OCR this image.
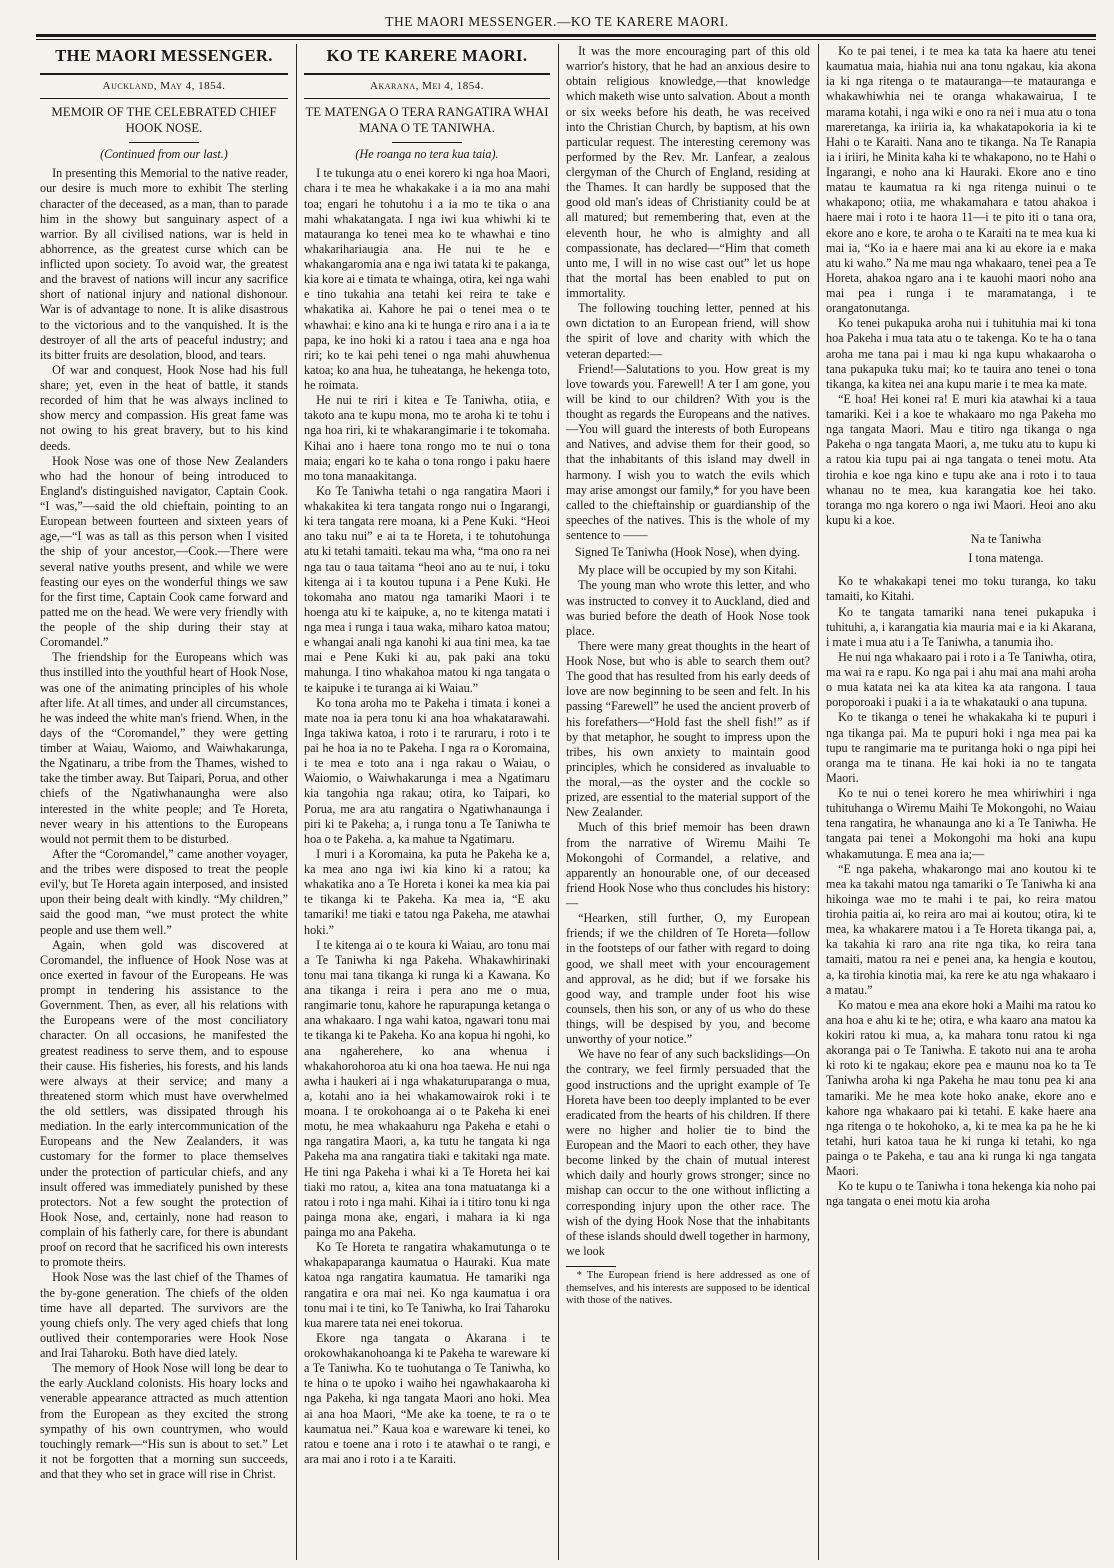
THE MAORI MESSENGER.—KO TE KARERE MAORI.
THE MAORI MESSENGER.
Auckland, May 4, 1854.
MEMOIR OF THE CELEBRATED CHIEF HOOK NOSE.
(Continued from our last.)

In presenting this Memorial to the native reader, our desire is much more to exhibit The sterling character of the deceased, as a man, than to parade him in the showy but sanguinary aspect of a warrior. By all civilised nations, war is held in abhorrence, as the greatest curse which can be inflicted upon society. To avoid war, the greatest and the bravest of nations will incur any sacrifice short of national injury and national dishonour. War is of advantage to none. It is alike disastrous to the victorious and to the vanquished. It is the destroyer of all the arts of peaceful industry; and its bitter fruits are desolation, blood, and tears.

Of war and conquest, Hook Nose had his full share; yet, even in the heat of battle, it stands recorded of him that he was always inclined to show mercy and compassion. His great fame was not owing to his great bravery, but to his kind deeds.

Hook Nose was one of those New Zealanders who had the honour of being introduced to England's distinguished navigator, Captain Cook. “I was,”—said the old chieftain, pointing to an European between fourteen and sixteen years of age,—“I was as tall as this person when I visited the ship of your ancestor,—Cook.—There were several native youths present, and while we were feasting our eyes on the wonderful things we saw for the first time, Captain Cook came forward and patted me on the head. We were very friendly with the people of the ship during their stay at Coromandel.”

The friendship for the Europeans which was thus instilled into the youthful heart of Hook Nose, was one of the animating principles of his whole after life. At all times, and under all circumstances, he was indeed the white man's friend. When, in the days of the “Coromandel,” they were getting timber at Waiau, Waiomo, and Waiwhakarunga, the Ngatinaru, a tribe from the Thames, wished to take the timber away. But Taipari, Porua, and other chiefs of the Ngatiwhanaungha were also interested in the white people; and Te Horeta, never weary in his attentions to the Europeans would not permit them to be disturbed.

After the “Coromandel,” came another voyager, and the tribes were disposed to treat the people evil'y, but Te Horeta again interposed, and insisted upon their being dealt with kindly. “My children,” said the good man, “we must protect the white people and use them well.”

Again, when gold was discovered at Coromandel, the influence of Hook Nose was at once exerted in favour of the Europeans. He was prompt in tendering his assistance to the Government. Then, as ever, all his relations with the Europeans were of the most conciliatory character. On all occasions, he manifested the greatest readiness to serve them, and to espouse their cause. His fisheries, his forests, and his lands were always at their service; and many a threatened storm which must have overwhelmed the old settlers, was dissipated through his mediation. In the early intercommunication of the Europeans and the New Zealanders, it was customary for the former to place themselves under the protection of particular chiefs, and any insult offered was immediately punished by these protectors. Not a few sought the protection of Hook Nose, and, certainly, none had reason to complain of his fatherly care, for there is abundant proof on record that he sacrificed his own interests to promote theirs.

Hook Nose was the last chief of the Thames of the by-gone generation. The chiefs of the olden time have all departed. The survivors are the young chiefs only. The very aged chiefs that long outlived their contemporaries were Hook Nose and Irai Taharoku. Both have died lately.

The memory of Hook Nose will long be dear to the early Auckland colonists. His hoary locks and venerable appearance attracted as much attention from the European as they excited the strong sympathy of his own countrymen, who would touchingly remark—“His sun is about to set.” Let it not be forgotten that a morning sun succeeds, and that they who set in grace will rise in Christ.

KO TE KARERE MAORI.
Akarana, Mei 4, 1854.
TE MATENGA O TERA RANGATIRA WHAI MANA O TE TANIWHA.
(He roanga no tera kua taia).

I te tukunga atu o enei korero ki nga hoa Maori, chara i te mea he whakakake i a ia mo ana mahi toa; engari he tohutohu i a ia mo te tika o ana mahi whakatangata. I nga iwi kua whiwhi ki te matauranga ko tenei mea ko te whawhai e tino whakarihariaugia ana. He nui te he e whakangaromia ana e nga iwi tatata ki te pakanga, kia kore ai e timata te whainga, otira, kei nga wahi e tino tukahia ana tetahi kei reira te take e whakatika ai. Kahore he pai o tenei mea o te whawhai: e kino ana ki te hunga e riro ana i a ia te papa, ke ino hoki ki a ratou i taea ana e nga hoa riri; ko te kai pehi tenei o nga mahi ahuwhenua katoa; ko ana hua, he tuheatanga, he hekenga toto, he roimata.

He nui te riri i kitea e Te Taniwha, otiia, e takoto ana te kupu mona, mo te aroha ki te tohu i nga hoa riri, ki te whakarangimarie i te tokomaha. Kihai ano i haere tona rongo mo te nui o tona maia; engari ko te kaha o tona rongo i paku haere mo tona manaakitanga.

Ko Te Taniwha tetahi o nga rangatira Maori i whakakitea ki tera tangata rongo nui o Ingarangi, ki tera tangata rere moana, ki a Pene Kuki. “Heoi ano taku nui” e ai ta te Horeta, i te tohutohunga atu ki tetahi tamaiti. tekau ma wha, “ma ono ra nei nga tau o taua taitama “heoi ano au te nui, i toku kitenga ai i ta koutou tupuna i a Pene Kuki. He tokomaha ano matou nga tamariki Maori i te hoenga atu ki te kaipuke, a, no te kitenga matati i nga mea i runga i taua waka, miharo katoa matou; e whangai anali nga kanohi ki aua tini mea, ka tae mai e Pene Kuki ki au, pak paki ana toku mahunga. I tino whakahoa matou ki nga tangata o te kaipuke i te turanga ai ki Waiau.”

Ko tona aroha mo te Pakeha i timata i konei a mate noa ia pera tonu ki ana hoa whakatarawahi. Inga takiwa katoa, i roto i te raruraru, i roto i te pai he hoa ia no te Pakeha. I nga ra o Koromaina, i te mea e toto ana i nga rakau o Waiau, o Waiomio, o Waiwhakarunga i mea a Ngatimaru kia tangohia nga rakau; otira, ko Taipari, ko Porua, me ara atu rangatira o Ngatiwhanaunga i piri ki te Pakeha; a, i runga tonu a Te Taniwha te hoa o te Pakeha. a, ka mahue ta Ngatimaru.

I muri i a Koromaina, ka puta he Pakeha ke a, ka mea ano nga iwi kia kino ki a ratou; ka whakatika ano a Te Horeta i konei ka mea kia pai te tikanga ki te Pakeha. Ka mea ia, “E aku tamariki! me tiaki e tatou nga Pakeha, me atawhai hoki.”

I te kitenga ai o te koura ki Waiau, aro tonu mai a Te Taniwha ki nga Pakeha. Whakawhirinaki tonu mai tana tikanga ki runga ki a Kawana. Ko ana tikanga i reira i pera ano me o mua, rangimarie tonu, kahore he rapurapunga ketanga o ana whakaaro. I nga wahi katoa, ngawari tonu mai te tikanga ki te Pakeha. Ko ana kopua hi ngohi, ko ana ngaherehere, ko ana whenua i whakahorohoroa atu ki ona hoa taewa. He nui nga awha i haukeri ai i nga whakaturuparanga o mua, a, kotahi ano ia hei whakamowairok roki i te moana. I te orokohoanga ai o te Pakeha ki enei motu, he mea whakaahuru nga Pakeha e etahi o nga rangatira Maori, a, ka tutu he tangata ki nga Pakeha ma ana rangatira tiaki e takitaki nga mate. He tini nga Pakeha i whai ki a Te Horeta hei kai tiaki mo ratou, a, kitea ana tona matuatanga ki a ratou i roto i nga mahi. Kihai ia i titiro tonu ki nga painga mona ake, engari, i mahara ia ki nga painga mo ana Pakeha.

Ko Te Horeta te rangatira whakamutunga o te whakapaparanga kaumatua o Hauraki. Kua mate katoa nga rangatira kaumatua. He tamariki nga rangatira e ora mai nei. Ko nga kaumatua i ora tonu mai i te tini, ko Te Taniwha, ko Irai Taharoku kua marere tata nei enei tokorua.

Ekore nga tangata o Akarana i te orokowhakanohoanga ki te Pakeha te wareware ki a Te Taniwha. Ko te tuohutanga o Te Taniwha, ko te hina o te upoko i waiho hei ngawhakaaroha ki nga Pakeha, ki nga tangata Maori ano hoki. Mea ai ana hoa Maori, “Me ake ka toene, te ra o te kaumatua nei.” Kaua koa e wareware ki tenei, ko ratou e toene ana i roto i te atawhai o te rangi, e ara mai ano i roto i a te Karaiti.

It was the more encouraging part of this old warrior's history, that he had an anxious desire to obtain religious knowledge,—that knowledge which maketh wise unto salvation. About a month or six weeks before his death, he was received into the Christian Church, by baptism, at his own particular request. The interesting ceremony was performed by the Rev. Mr. Lanfear, a zealous clergyman of the Church of England, residing at the Thames. It can hardly be supposed that the good old man's ideas of Christianity could be at all matured; but remembering that, even at the eleventh hour, he who is almighty and all compassionate, has declared—“Him that cometh unto me, I will in no wise cast out” let us hope that the mortal has been enabled to put on immortality.

The following touching letter, penned at his own dictation to an European friend, will show the spirit of love and charity with which the veteran departed:—

Friend!—Salutations to you. How great is my love towards you. Farewell! A ter I am gone, you will be kind to our children? With you is the thought as regards the Europeans and the natives.—You will guard the interests of both Europeans and Natives, and advise them for their good, so that the inhabitants of this island may dwell in harmony. I wish you to watch the evils which may arise amongst our family,* for you have been called to the chieftainship or guardianship of the speeches of the natives. This is the whole of my sentence to ——

Signed Te Taniwha (Hook Nose), when dying.

My place will be occupied by my son Kitahi.

The young man who wrote this letter, and who was instructed to convey it to Auckland, died and was buried before the death of Hook Nose took place.

There were many great thoughts in the heart of Hook Nose, but who is able to search them out? The good that has resulted from his early deeds of love are now beginning to be seen and felt. In his passing “Farewell” he used the ancient proverb of his forefathers—“Hold fast the shell fish!” as if by that metaphor, he sought to impress upon the tribes, his own anxiety to maintain good principles, which he considered as invaluable to the moral,—as the oyster and the cockle so prized, are essential to the material support of the New Zealander.

Much of this brief memoir has been drawn from the narrative of Wiremu Maihi Te Mokongohi of Cormandel, a relative, and apparently an honourable one, of our deceased friend Hook Nose who thus concludes his history:—

“Hearken, still further, O, my European friends; if we the children of Te Horeta—follow in the footsteps of our father with regard to doing good, we shall meet with your encouragement and approval, as he did; but if we forsake his good way, and trample under foot his wise counsels, then his son, or any of us who do these things, will be despised by you, and become unworthy of your notice.”

We have no fear of any such backslidings—On the contrary, we feel firmly persuaded that the good instructions and the upright example of Te Horeta have been too deeply implanted to be ever eradicated from the hearts of his children. If there were no higher and holier tie to bind the European and the Maori to each other, they have become linked by the chain of mutual interest which daily and hourly grows stronger; since no mishap can occur to the one without inflicting a corresponding injury upon the other race. The wish of the dying Hook Nose that the inhabitants of these islands should dwell together in harmony, we look

* The European friend is here addressed as one of themselves, and his interests are supposed to be identical with those of the natives.

Ko te pai tenei, i te mea ka tata ka haere atu tenei kaumatua maia, hiahia nui ana tonu ngakau, kia akona ia ki nga ritenga o te matauranga—te matauranga e whakawhiwhia nei te oranga whakawairua, I te marama kotahi, i nga wiki e ono ra nei i mua atu o tona mareretanga, ka iriiria ia, ka whakatapokoria ia ki te Hahi o te Karaiti. Nana ano te tikanga. Na Te Ranapia ia i iriiri, he Minita kaha ki te whakapono, no te Hahi o Ingarangi, e noho ana ki Hauraki. Ekore ano e tino matau te kaumatua ra ki nga ritenga nuinui o te whakapono; otiia, me whakamahara e tatou ahakoa i haere mai i roto i te haora 11—i te pito iti o tana ora, ekore ano e kore, te aroha o te Karaiti na te mea kua ki mai ia, “Ko ia e haere mai ana ki au ekore ia e maka atu ki waho.” Na me mau nga whakaaro, tenei pea a Te Horeta, ahakoa ngaro ana i te kauohi maori noho ana mai pea i runga i te maramatanga, i te orangatonutanga.

Ko tenei pukapuka aroha nui i tuhituhia mai ki tona hoa Pakeha i mua tata atu o te takenga. Ko te ha o tana aroha me tana pai i mau ki nga kupu whakaaroha o tana pukapuka tuku mai; ko te tauira ano tenei o tona tikanga, ka kitea nei ana kupu marie i te mea ka mate.

“E hoa! Hei konei ra! E muri kia atawhai ki a taua tamariki. Kei i a koe te whakaaro mo nga Pakeha mo nga tangata Maori. Mau e titiro nga tikanga o nga Pakeha o nga tangata Maori, a, me tuku atu to kupu ki a ratou kia tupu pai ai nga tangata o tenei motu. Ata tirohia e koe nga kino e tupu ake ana i roto i to taua whanau no te mea, kua karangatia koe hei tako. toranga mo nga korero o nga iwi Maori. Heoi ano aku kupu ki a koe.

Na te Taniwha
I tona matenga.

Ko te whakakapi tenei mo toku turanga, ko taku tamaiti, ko Kitahi.

Ko te tangata tamariki nana tenei pukapuka i tuhituhi, a, i karangatia kia mauria mai e ia ki Akarana, i mate i mua atu i a Te Taniwha, a tanumia iho.

He nui nga whakaaro pai i roto i a Te Taniwha, otira, ma wai ra e rapu. Ko nga pai i ahu mai ana mahi aroha o mua katata nei ka ata kitea ka ata rangona. I taua poroporoaki i puaki i a ia te whakatauki o ana tupuna.

Ko te tikanga o tenei he whakakaha ki te pupuri i nga tikanga pai. Ma te pupuri hoki i nga mea pai ka tupu te rangimarie ma te puritanga hoki o nga pipi hei oranga ma te tinana. He kai hoki ia no te tangata Maori.

Ko te nui o tenei korero he mea whiriwhiri i nga tuhituhanga o Wiremu Maihi Te Mokongohi, no Waiau tena rangatira, he whanaunga ano ki a Te Taniwha. He tangata pai tenei a Mokongohi ma hoki ana kupu whakamutunga. E mea ana ia;—

“E nga pakeha, whakarongo mai ano koutou ki te mea ka takahi matou nga tamariki o Te Taniwha ki ana hikoinga wae mo te mahi i te pai, ko reira matou tirohia paitia ai, ko reira aro mai ai koutou; otira, ki te mea, ka whakarere matou i a Te Horeta tikanga pai, a, ka takahia ki raro ana rite nga tika, ko reira tana tamaiti, matou ra nei e penei ana, ka hengia e koutou, a, ka tirohia kinotia mai, ka rere ke atu nga whakaaro i a matau.”

Ko matou e mea ana ekore hoki a Maihi ma ratou ko ana hoa e ahu ki te he; otira, e wha kaaro ana matou ka kokiri ratou ki mua, a, ka mahara tonu ratou ki nga akoranga pai o Te Taniwha. E takoto nui ana te aroha ki roto ki te ngakau; ekore pea e maunu noa ko ta Te Taniwha aroha ki nga Pakeha he mau tonu pea ki ana tamariki. Me he mea kote hoko anake, ekore ano e kahore nga whakaaro pai ki tetahi. E kake haere ana nga ritenga o te hokohoko, a, ki te mea ka pa he he ki tetahi, huri katoa taua he ki runga ki tetahi, ko nga painga o te Pakeha, e tau ana ki runga ki nga tangata Maori.

Ko te kupu o te Taniwha i tona hekenga kia noho pai nga tangata o enei motu kia aroha
